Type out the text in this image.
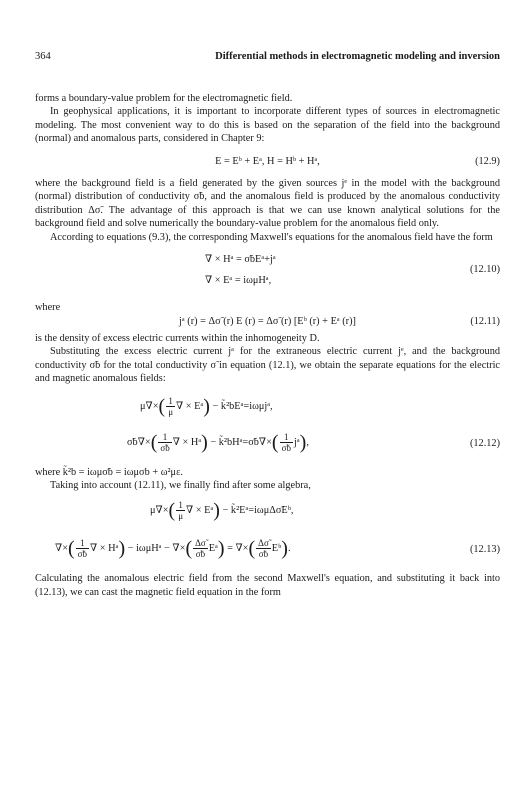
364	Differential methods in electromagnetic modeling and inversion

forms a boundary-value problem for the electromagnetic field.

In geophysical applications, it is important to incorporate different types of sources in electromagnetic modeling. The most convenient way to do this is based on the separation of the field into the background (normal) and anomalous parts, considered in Chapter 9:

E = Eᵇ + Eᵃ, H = Hᵇ + Hᵃ,	(12.9)

where the background field is a field generated by the given sources jᵉ in the model with the background (normal) distribution of conductivity σ̃b, and the anomalous field is produced by the anomalous conductivity distribution Δσ̃. The advantage of this approach is that we can use known analytical solutions for the background field and solve numerically the boundary-value problem for the anomalous field only.

According to equations (9.3), the corresponding Maxwell's equations for the anomalous field have the form

∇ × Hᵃ = σ̃bEᵃ+jᵃ
∇ × Eᵃ = iωμHᵃ,
(12.10)

where

jᵃ (r) = Δσ̃ (r) E (r) = Δσ̃ (r) [Eᵇ (r) + Eᵃ (r)]	(12.11)

is the density of excess electric currents within the inhomogeneity D.

Substituting the excess electric current jᵃ for the extraneous electric current jᵉ, and the background conductivity σ̃b for the total conductivity σ̃ in equation (12.1), we obtain the separate equations for the electric and magnetic anomalous fields:

$\mu\nabla\times( \frac{1}{\mu}$ ∇ × Eᵃ) − k̃²bEᵃ=iωμjᵃ,
σ̃b∇×( $\frac{1}{\sigmãb}$ ∇ × Hᵃ) − k̃²bHᵃ=σ̃b∇×( $\frac{1}{\sigmãb}$ jᵃ),	(12.12)

where k̃²b = iωμσ̃b = iωμσb + ω²με.

Taking into account (12.11), we finally find after some algebra,

$\mu\nabla\times( \frac{1}{\mu}$ ∇ × Eᵃ) − k̃²Eᵃ=iωμΔσ̃Eᵇ,
∇×( $\frac{1}{\sigmãb}$ ∇ × Hᵃ) − iωμHᵃ − ∇×( $\frac{\Delta\sigmã}{\sigmãb}$ Eᵃ) = ∇×( $\frac{\Delta\sigmã}{\sigmãb}$ Eᵇ).	(12.13)

Calculating the anomalous electric field from the second Maxwell's equation, and substituting it back into (12.13), we can cast the magnetic field equation in the form
